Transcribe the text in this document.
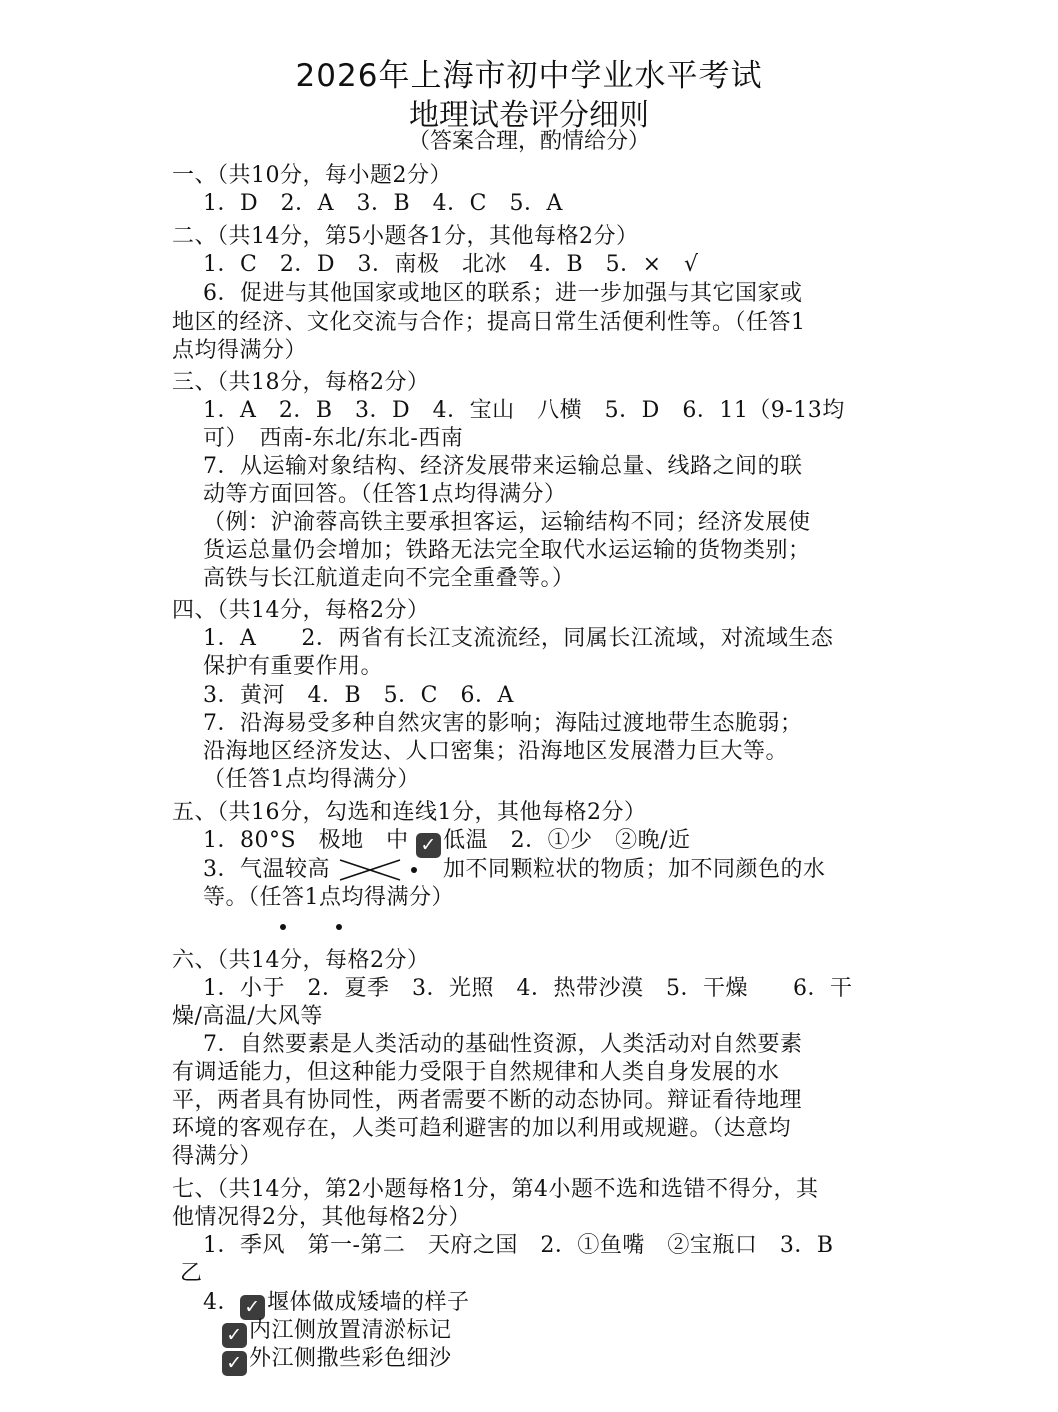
2026年上海市初中学业水平考试
地理试卷评分细则
（答案合理，酌情给分）
一、（共10分，每小题2分）
1．D　2．A　3．B　4．C　5．A
二、（共14分，第5小题各1分，其他每格2分）
1．C　2．D　3．南极　北冰　4．B　5．×　√
6．促进与其他国家或地区的联系；进一步加强与其它国家或
地区的经济、文化交流与合作；提高日常生活便利性等。（任答1
点均得满分）
三、（共18分，每格2分）
1．A　2．B　3．D　4．宝山　八横　5．D　6．11（9-13均
可）　西南-东北/东北-西南
7．从运输对象结构、经济发展带来运输总量、线路之间的联
动等方面回答。（任答1点均得满分）
（例：沪渝蓉高铁主要承担客运，运输结构不同；经济发展使
货运总量仍会增加；铁路无法完全取代水运运输的货物类别；
高铁与长江航道走向不完全重叠等。）
四、（共14分，每格2分）
1．A　　2．两省有长江支流流经，同属长江流域，对流域生态
保护有重要作用。
3．黄河　4．B　5．C　6．A
7．沿海易受多种自然灾害的影响；海陆过渡地带生态脆弱；
沿海地区经济发达、人口密集；沿海地区发展潜力巨大等。
（任答1点均得满分）
五、（共16分，勾选和连线1分，其他每格2分）
1．80°S　极地　中 ✓ 低温　2．①少　②晚/近
3．气温较高	加不同颗粒状的物质；加不同颜色的水
等。（任答1点均得满分）
六、（共14分，每格2分）
1．小于　2．夏季　3．光照　4．热带沙漠　5．干燥　　6．干
燥/高温/大风等
7．自然要素是人类活动的基础性资源，人类活动对自然要素
有调适能力，但这种能力受限于自然规律和人类自身发展的水
平，两者具有协同性，两者需要不断的动态协同。辩证看待地理
环境的客观存在，人类可趋利避害的加以利用或规避。（达意均
得满分）
七、（共14分，第2小题每格1分，第4小题不选和选错不得分，其
他情况得2分，其他每格2分）
1．季风　第一-第二　天府之国　2．①鱼嘴　②宝瓶口　3．B
乙
4． ✓ 堰体做成矮墙的样子
✓ 内江侧放置清淤标记
✓ 外江侧撒些彩色细沙
